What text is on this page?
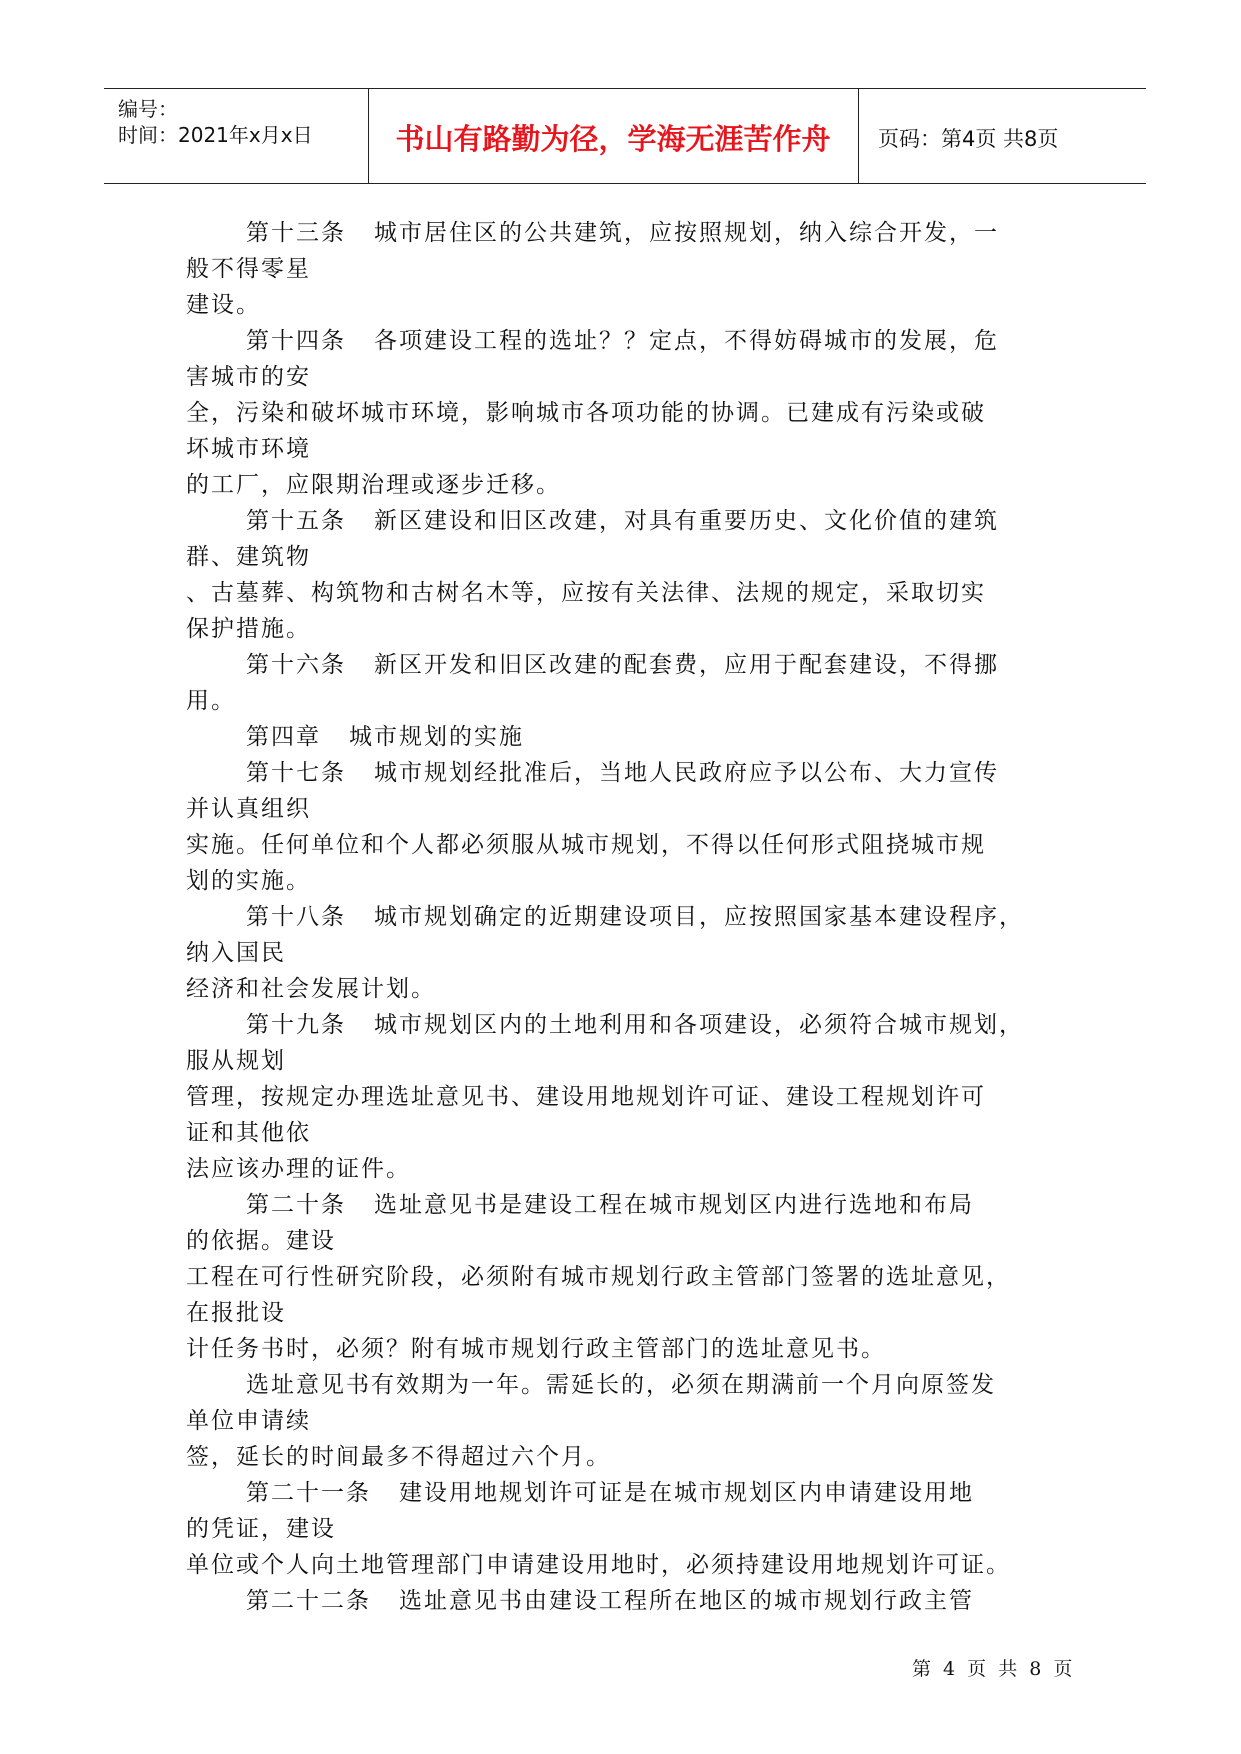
编号：
时间：2021年x月x日	书山有路勤为径，学海无涯苦作舟	页码：第4页 共8页
第十三条 城市居住区的公共建筑，应按照规划，纳入综合开发，一
般不得零星
建设。
第十四条 各项建设工程的选址？？定点，不得妨碍城市的发展，危
害城市的安
全，污染和破坏城市环境，影响城市各项功能的协调。已建成有污染或破
坏城市环境
的工厂，应限期治理或逐步迁移。
第十五条 新区建设和旧区改建，对具有重要历史、文化价值的建筑
群、建筑物
、古墓葬、构筑物和古树名木等，应按有关法律、法规的规定，采取切实
保护措施。
第十六条 新区开发和旧区改建的配套费，应用于配套建设，不得挪
用。
第四章 城市规划的实施
第十七条 城市规划经批准后，当地人民政府应予以公布、大力宣传
并认真组织
实施。任何单位和个人都必须服从城市规划，不得以任何形式阻挠城市规
划的实施。
第十八条 城市规划确定的近期建设项目，应按照国家基本建设程序，
纳入国民
经济和社会发展计划。
第十九条 城市规划区内的土地利用和各项建设，必须符合城市规划，
服从规划
管理，按规定办理选址意见书、建设用地规划许可证、建设工程规划许可
证和其他依
法应该办理的证件。
第二十条 选址意见书是建设工程在城市规划区内进行选地和布局
的依据。建设
工程在可行性研究阶段，必须附有城市规划行政主管部门签署的选址意见，
在报批设
计任务书时，必须？附有城市规划行政主管部门的选址意见书。
选址意见书有效期为一年。需延长的，必须在期满前一个月向原签发
单位申请续
签，延长的时间最多不得超过六个月。
第二十一条 建设用地规划许可证是在城市规划区内申请建设用地
的凭证，建设
单位或个人向土地管理部门申请建设用地时，必须持建设用地规划许可证。
第二十二条 选址意见书由建设工程所在地区的城市规划行政主管
第 4 页 共 8 页
